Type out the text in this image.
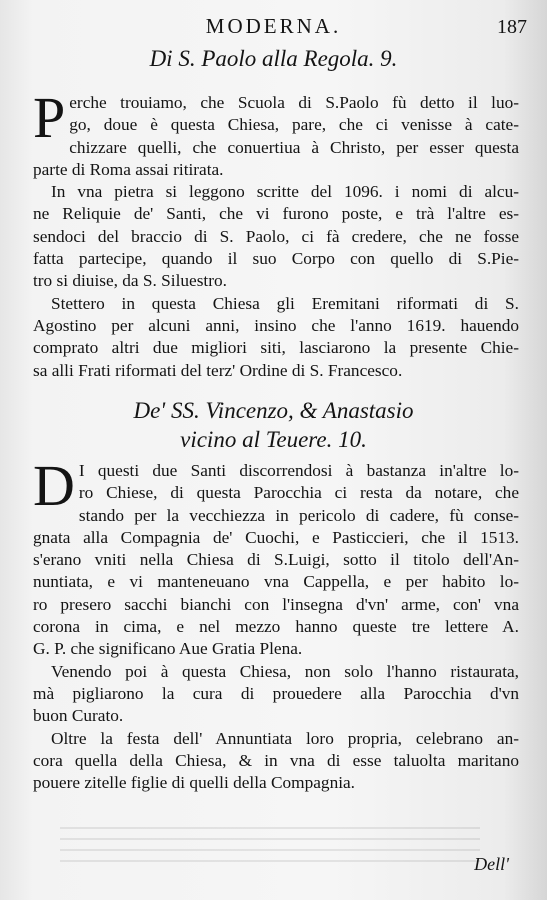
MODERNA.	187
Di S. Paolo alla Regola. 9.
P erche trouiamo, che Scuola di S.Paolo fù detto il luo-
go, doue è questa Chiesa, pare, che ci venisse à cate-
chizzare quelli, che conuertiua à Christo, per esser questa
parte di Roma assai ritirata.
In vna pietra si leggono scritte del 1096. i nomi di alcu-
ne Reliquie de' Santi, che vi furono poste, e trà l'altre es-
sendoci del braccio di S. Paolo, ci fà credere, che ne fosse
fatta partecipe, quando il suo Corpo con quello di S.Pie-
tro si diuise, da S. Siluestro.
Stettero in questa Chiesa gli Eremitani riformati di S.
Agostino per alcuni anni, insino che l'anno 1619. hauendo
comprato altri due migliori siti, lasciarono la presente Chie-
sa alli Frati riformati del terz' Ordine di S. Francesco.
De' SS. Vincenzo, & Anastasio
vicino al Teuere. 10.
D I questi due Santi discorrendosi à bastanza in'altre lo-
ro Chiese, di questa Parocchia ci resta da notare, che
stando per la vecchiezza in pericolo di cadere, fù conse-
gnata alla Compagnia de' Cuochi, e Pasticcieri, che il 1513.
s'erano vniti nella Chiesa di S.Luigi, sotto il titolo dell'An-
nuntiata, e vi manteneuano vna Cappella, e per habito lo-
ro presero sacchi bianchi con l'insegna d'vn' arme, con' vna
corona in cima, e nel mezzo hanno queste tre lettere A.
G. P. che significano Aue Gratia Plena.
Venendo poi à questa Chiesa, non solo l'hanno ristaurata,
mà pigliarono la cura di prouedere alla Parocchia d'vn
buon Curato.
Oltre la festa dell' Annuntiata loro propria, celebrano an-
cora quella della Chiesa, & in vna di esse taluolta maritano
pouere zitelle figlie di quelli della Compagnia.
Dell'
